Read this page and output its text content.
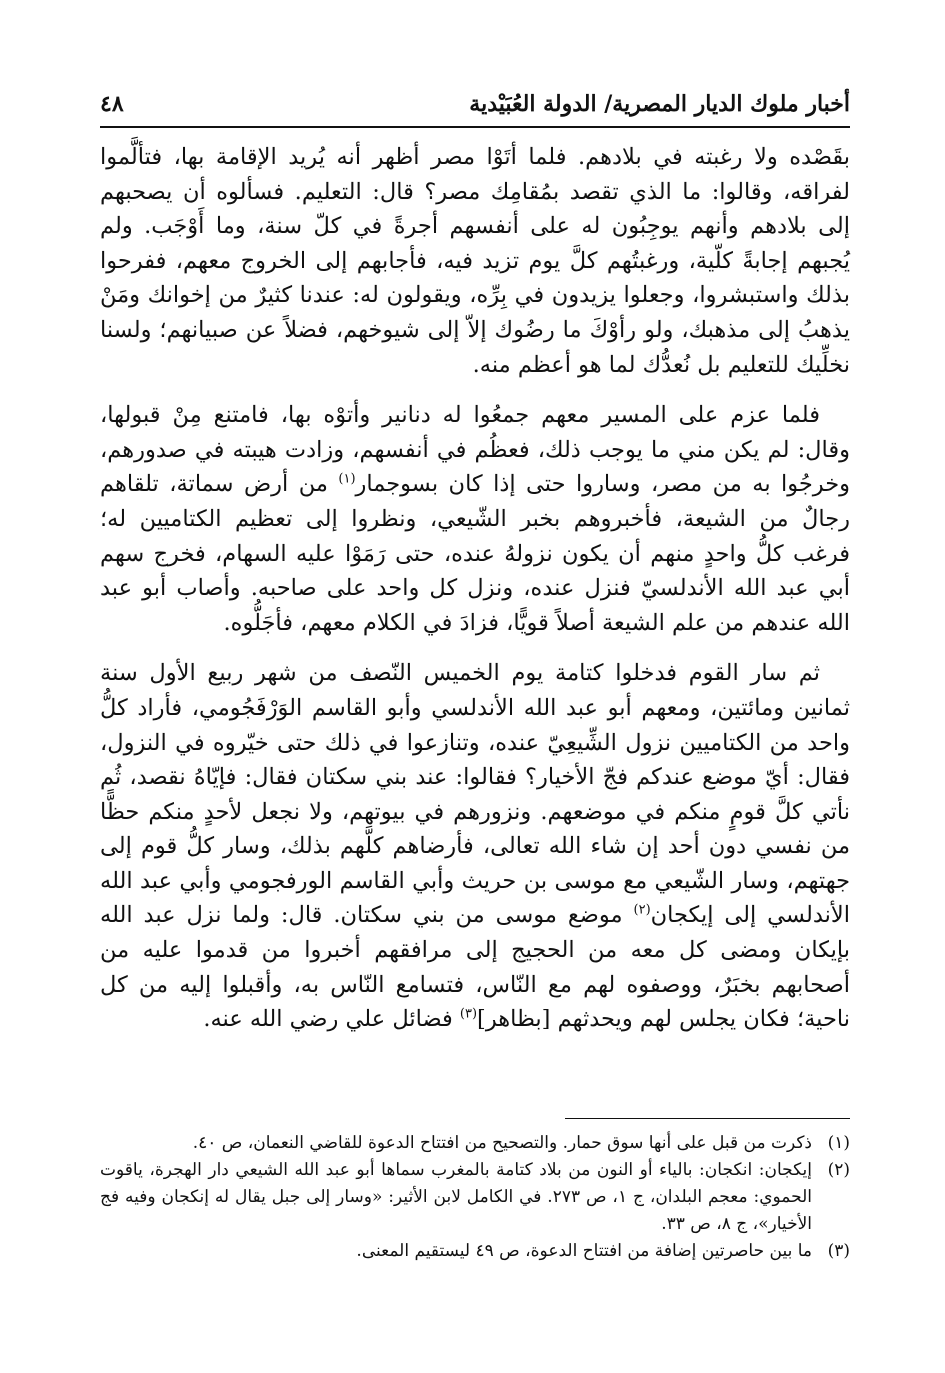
أخبار ملوك الديار المصرية/ الدولة العُبَيْدية
٤٨

بقَصْده ولا رغبته في بلادهم. فلما أتَوْا مصر أظهر أنه يُريد الإقامة بها، فتألَّموا لفراقه، وقالوا: ما الذي تقصد بمُقامِك مصر؟ قال: التعليم. فسألوه أن يصحبهم إلى بلادهم وأنهم يوجِبُون له على أنفسهم أجرةً في كلّ سنة، وما أَوْجَب. ولم يُجبهم إجابةً كلّية، ورغبتُهم كلَّ يوم تزيد فيه، فأجابهم إلى الخروج معهم، ففرحوا بذلك واستبشروا، وجعلوا يزيدون في بِرِّه، ويقولون له: عندنا كثيرٌ من إخوانك ومَنْ يذهبُ إلى مذهبك، ولو رأوْكَ ما رضُوك إلاّ إلى شيوخهم، فضلاً عن صبيانهم؛ ولسنا نخلِّيك للتعليم بل نُعدُّك لما هو أعظم منه.

فلما عزم على المسير معهم جمعُوا له دنانير وأتوْه بها، فامتنع مِنْ قبولها، وقال: لم يكن مني ما يوجب ذلك، فعظُم في أنفسهم، وزادت هيبته في صدورهم، وخرجُوا به من مصر، وساروا حتى إذا كان بسوجمار$^{(١)}$ من أرض سماتة، تلقاهم رجالٌ من الشيعة، فأخبروهم بخبر الشّيعي، ونظروا إلى تعظيم الكتاميين له؛ فرغب كلُّ واحدٍ منهم أن يكون نزولهُ عنده، حتى رَمَوْا عليه السهام، فخرج سهم أبي عبد الله الأندلسيّ فنزل عنده، ونزل كل واحد على صاحبه. وأصاب أبو عبد الله عندهم من علم الشيعة أصلاً قويًّا، فزادَ في الكلام معهم، فأجَلُّوه.

ثم سار القوم فدخلوا كتامة يوم الخميس النّصف من شهر ربيع الأول سنة ثمانين ومائتين، ومعهم أبو عبد الله الأندلسي وأبو القاسم الوَرْفَجُومي، فأراد كلُّ واحد من الكتاميين نزول الشِّيعِيّ عنده، وتنازعوا في ذلك حتى خيّروه في النزول، فقال: أيّ موضع عندكم فجّ الأخيار؟ فقالوا: عند بني سكتان فقال: فإيّاهُ نقصد، ثُم نأتي كلَّ قومٍ منكم في موضعهم. ونزورهم في بيوتهم، ولا نجعل لأحدٍ منكم حظًّا من نفسي دون أحد إن شاء الله تعالى، فأرضاهم كلَّهم بذلك، وسار كلُّ قوم إلى جهتهم، وسار الشّيعي مع موسى بن حريث وأبي القاسم الورفجومي وأبي عبد الله الأندلسي إلى إيكجان$^{(٢)}$ موضع موسى من بني سكتان. قال: ولما نزل عبد الله بإيكان ومضى كل معه من الحجيج إلى مرافقهم أخبروا من قدموا عليه من أصحابهم بخبَرٌ، ووصفوه لهم مع النّاس، فتسامع النّاس به، وأقبلوا إليه من كل ناحية؛ فكان يجلس لهم ويحدثهم [بظاهر]$^{(٣)}$ فضائل علي رضي الله عنه.

(١)
ذكرت من قبل على أنها سوق حمار. والتصحيح من افتتاح الدعوة للقاضي النعمان، ص ٤٠.
(٢)
إيكجان: انكجان: بالياء أو النون من بلاد كتامة بالمغرب سماها أبو عبد الله الشيعي دار الهجرة، ياقوت الحموي: معجم البلدان، ج ١، ص ٢٧٣. في الكامل لابن الأثير: «وسار إلى جبل يقال له إنكجان وفيه فج الأخيار»، ج ٨، ص ٣٣.
(٣)
ما بين حاصرتين إضافة من افتتاح الدعوة، ص ٤٩ ليستقيم المعنى.
